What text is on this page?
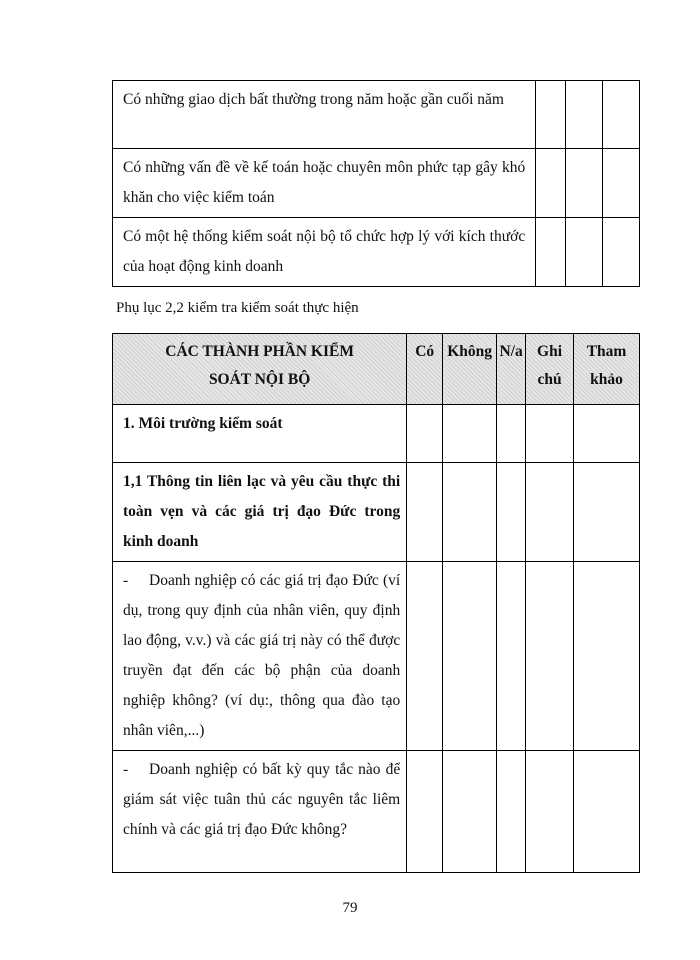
Có những giao dịch bất thường trong năm hoặc gần cuối năm			
Có những vấn đề về kế toán hoặc chuyên môn phức tạp gây khó khăn cho việc kiểm toán			
Có một hệ thống kiểm soát nội bộ tổ chức hợp lý với kích thước của hoạt động kinh doanh			
Phụ lục 2,2 kiểm tra kiểm soát thực hiện
CÁC THÀNH PHẦN KIỂM SOÁT NỘI BỘ	Có	Không	N/a	Ghi chú	Tham khảo
1. Môi trường kiểm soát					
1,1 Thông tin liên lạc và yêu cầu thực thi toàn vẹn và các giá trị đạo Đức trong kinh doanh					
- Doanh nghiệp có các giá trị đạo Đức (ví dụ, trong quy định của nhân viên, quy định lao động, v.v.) và các giá trị này có thể được truyền đạt đến các bộ phận của doanh nghiệp không? (ví dụ:, thông qua đào tạo nhân viên,...)					
- Doanh nghiệp có bất kỳ quy tắc nào để giám sát việc tuân thủ các nguyên tắc liêm chính và các giá trị đạo Đức không?					
79
